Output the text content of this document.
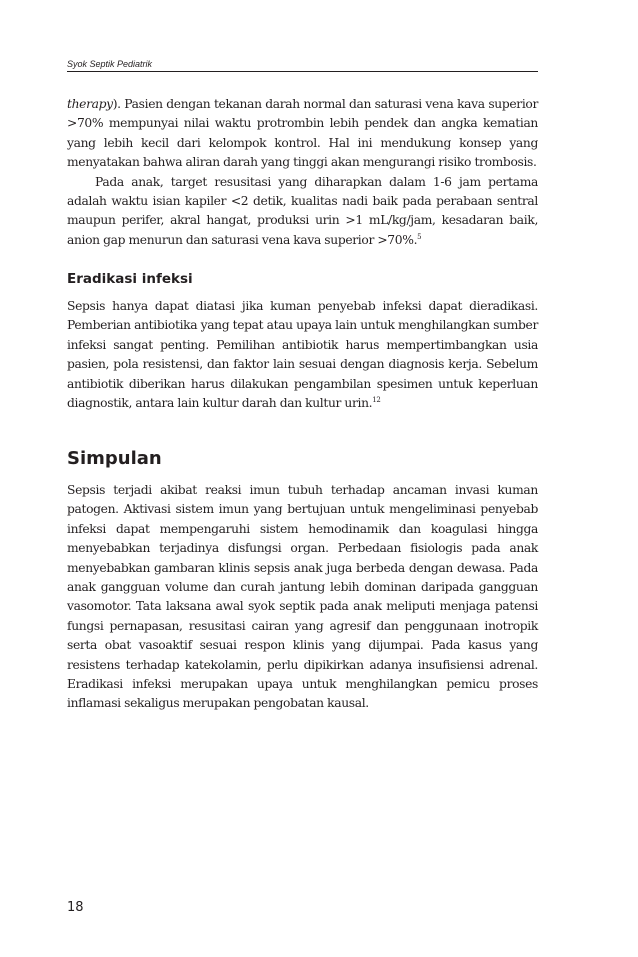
Syok Septik Pediatrik

therapy). Pasien dengan tekanan darah normal dan saturasi vena kava superior >70% mempunyai nilai waktu protrombin lebih pendek dan angka kematian yang lebih kecil dari kelompok kontrol. Hal ini mendukung konsep yang menyatakan bahwa aliran darah yang tinggi akan mengurangi risiko trombosis.

Pada anak, target resusitasi yang diharapkan dalam 1-6 jam pertama adalah waktu isian kapiler <2 detik, kualitas nadi baik pada perabaan sentral maupun perifer, akral hangat, produksi urin >1 mL/kg/jam, kesadaran baik, anion gap menurun dan saturasi vena kava superior >70%.$^5$

Eradikasi infeksi

Sepsis hanya dapat diatasi jika kuman penyebab infeksi dapat dieradikasi. Pemberian antibiotika yang tepat atau upaya lain untuk menghilangkan sumber infeksi sangat penting. Pemilihan antibiotik harus mempertimbangkan usia pasien, pola resistensi, dan faktor lain sesuai dengan diagnosis kerja. Sebelum antibiotik diberikan harus dilakukan pengambilan spesimen untuk keperluan diagnostik, antara lain kultur darah dan kultur urin.$^{12}$

Simpulan

Sepsis terjadi akibat reaksi imun tubuh terhadap ancaman invasi kuman patogen. Aktivasi sistem imun yang bertujuan untuk mengeliminasi penyebab infeksi dapat mempengaruhi sistem hemodinamik dan koagulasi hingga menyebabkan terjadinya disfungsi organ. Perbedaan fisiologis pada anak menyebabkan gambaran klinis sepsis anak juga berbeda dengan dewasa. Pada anak gangguan volume dan curah jantung lebih dominan daripada gangguan vasomotor. Tata laksana awal syok septik pada anak meliputi menjaga patensi fungsi pernapasan, resusitasi cairan yang agresif dan penggunaan inotropik serta obat vasoaktif sesuai respon klinis yang dijumpai. Pada kasus yang resistens terhadap katekolamin, perlu dipikirkan adanya insufisiensi adrenal. Eradikasi infeksi merupakan upaya untuk menghilangkan pemicu proses inflamasi sekaligus merupakan pengobatan kausal.

18
